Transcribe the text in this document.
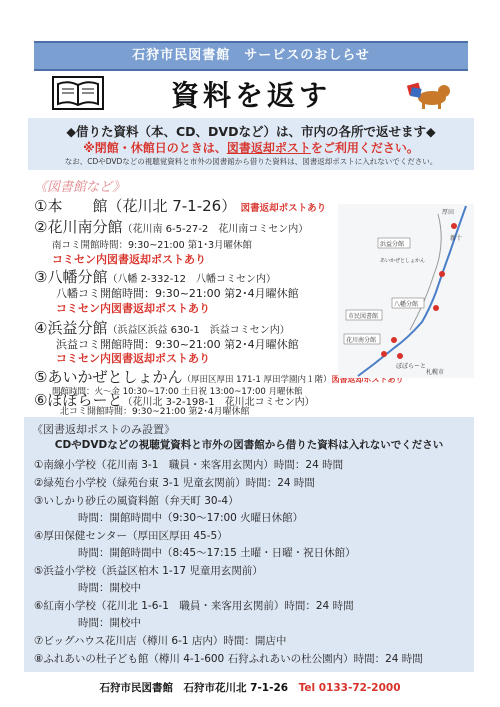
石狩市民図書館　サービスのおしらせ
資料を返す
◆借りた資料（本、CD、DVDなど）は、市内の各所で返せます◆
※閉館・休館日のときは、図書返却ポストをご利用ください。
なお、CDやDVDなどの視聴覚資料と市外の図書館から借りた資料は、図書返却ポストに入れないでください。
《図書館など》
①本　　館（花川北 7-1-26） 図書返却ポストあり
②花川南分館（花川南 6-5-27-2　花川南コミセン内）
南コミ開館時間：9:30~21:00 第1･3月曜休館
コミセン内図書返却ポストあり
③八幡分館（八幡 2-332-12　八幡コミセン内）
八幡コミ開館時間：9:30~21:00 第2･4月曜休館
コミセン内図書返却ポストあり
④浜益分館（浜益区浜益 630-1　浜益コミセン内）
浜益コミ開館時間：9:30~21:00 第2･4月曜休館
コミセン内図書返却ポストあり
⑤あいかぜとしょかん（厚田区厚田 171-1 厚田学園内１階）図書返却ポストあり
開館時間：火～金 10:30~17:00 土日祝 13:00~17:00 月曜休館
⑥ぽぽらーと（花川北 3-2-198-1　花川北コミセン内）
厚田
新十
浜益分館
八幡分館
あいかぜとしょかん
市民図書館
花川南分館
ぽぽらーと
札幌市
《図書返却ポストのみ設置》
CDやDVDなどの視聴覚資料と市外の図書館から借りた資料は入れないでください
①南線小学校（花川南 3-1　職員・来客用玄関内）時間：24 時間
②緑苑台小学校（緑苑台東 3-1 児童玄関前）時間：24 時間
③いしかり砂丘の風資料館（弁天町 30-4）
時間：開館時間中（9:30～17:00 火曜日休館）
④厚田保健センター（厚田区厚田 45-5）
時間：開館時間中（8:45～17:15 土曜・日曜・祝日休館）
⑤浜益小学校（浜益区柏木 1-17 児童用玄関前）
時間：開校中
⑥紅南小学校（花川北 1-6-1　職員・来客用玄関前）時間：24 時間
時間：開校中
⑦ビッグハウス花川店（樽川 6-1 店内）時間：開店中
⑧ふれあいの杜子ども館（樽川 4-1-600 石狩ふれあいの杜公園内）時間：24 時間
石狩市民図書館　石狩市花川北 7-1-26　Tel 0133-72-2000
北コミ開館時間：9:30~21:00 第2･4月曜休館
